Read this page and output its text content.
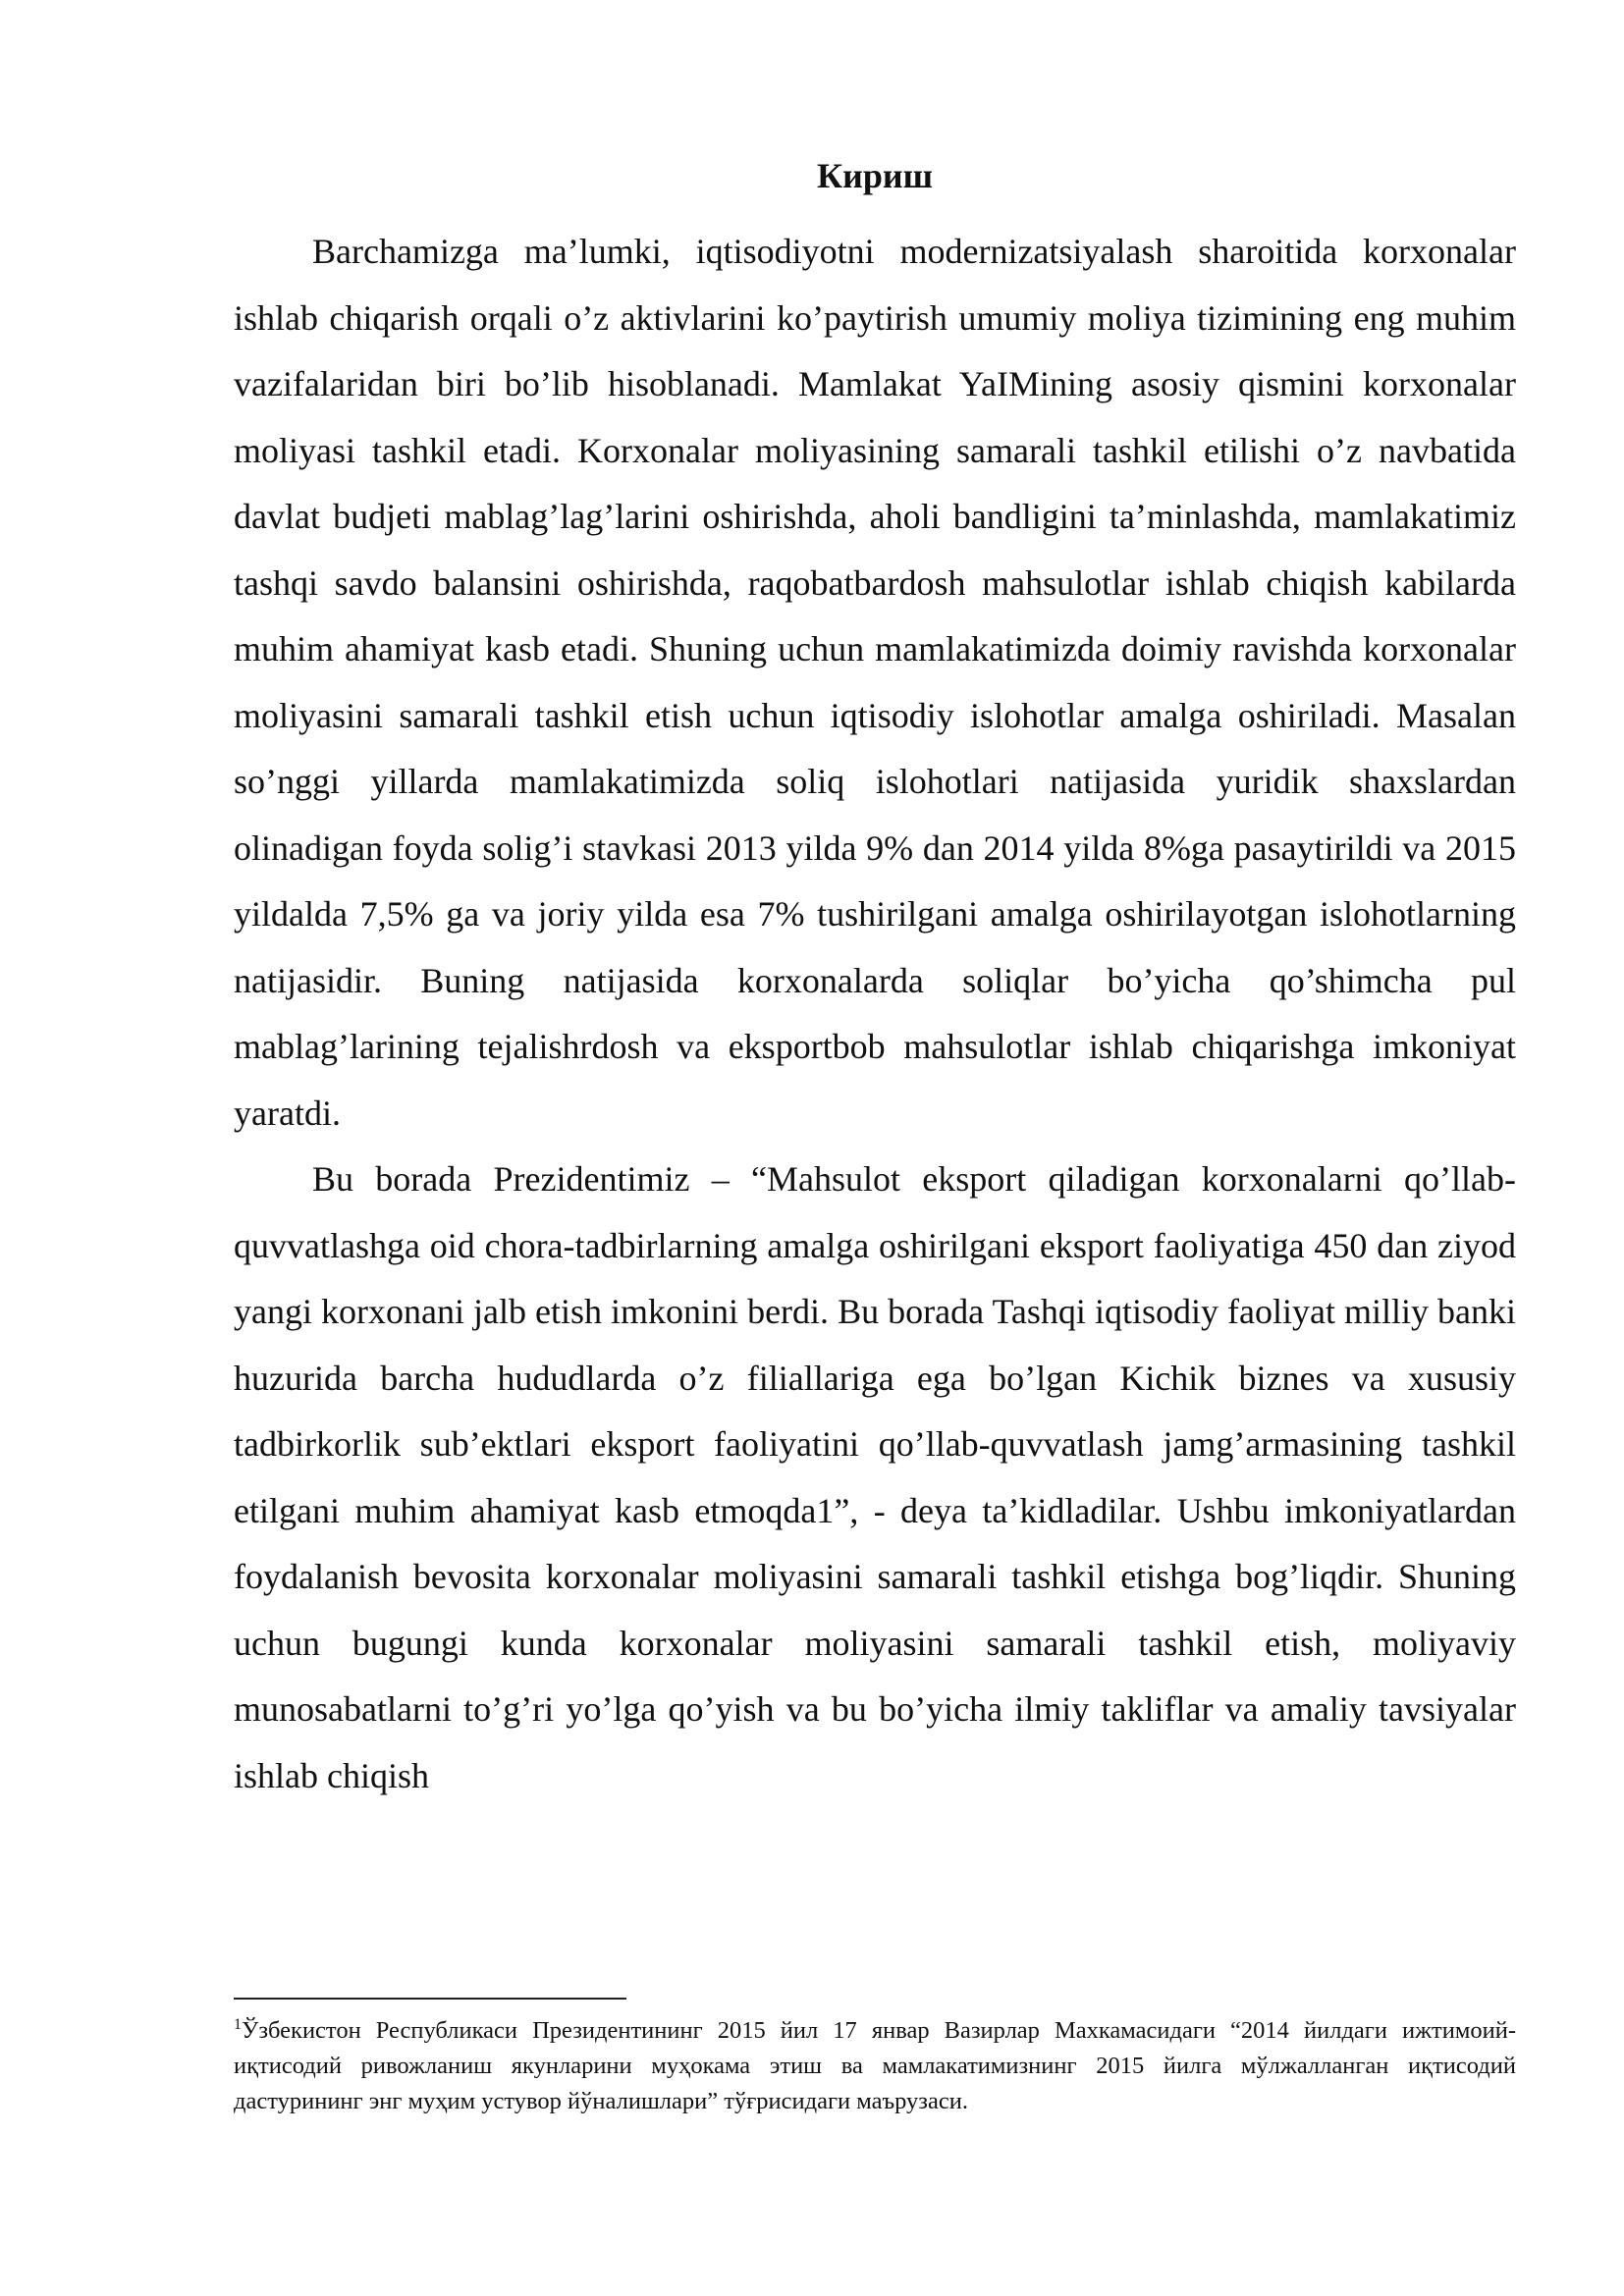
Кириш

Barchamizga ma’lumki, iqtisodiyotni modernizatsiyalash sharoitida korxonalar ishlab chiqarish orqali o’z aktivlarini ko’paytirish umumiy moliya tizimining eng muhim vazifalaridan biri bo’lib hisoblanadi. Mamlakat YaIMining asosiy qismini korxonalar moliyasi tashkil etadi. Korxonalar moliyasining samarali tashkil etilishi o’z navbatida davlat budjeti mablag’lag’larini oshirishda, aholi bandligini ta’minlashda, mamlakatimiz tashqi savdo balansini oshirishda, raqobatbardosh mahsulotlar ishlab chiqish kabilarda muhim ahamiyat kasb etadi. Shuning uchun mamlakatimizda doimiy ravishda korxonalar moliyasini samarali tashkil etish uchun iqtisodiy islohotlar amalga oshiriladi. Masalan so’nggi yillarda mamlakatimizda soliq islohotlari natijasida yuridik shaxslardan olinadigan foyda solig’i stavkasi 2013 yilda 9% dan 2014 yilda 8%ga pasaytirildi va 2015 yildalda 7,5% ga va joriy yilda esa 7% tushirilgani amalga oshirilayotgan islohotlarning natijasidir. Buning natijasida korxonalarda soliqlar bo’yicha qo’shimcha pul mablag’larining tejalishrdosh va eksportbob mahsulotlar ishlab chiqarishga imkoniyat yaratdi.

Bu borada Prezidentimiz – “Mahsulot eksport qiladigan korxonalarni qo’llab-quvvatlashga oid chora-tadbirlarning amalga oshirilgani eksport faoliyatiga 450 dan ziyod yangi korxonani jalb etish imkonini berdi. Bu borada Tashqi iqtisodiy faoliyat milliy banki huzurida barcha hududlarda o’z filiallariga ega bo’lgan Kichik biznes va xususiy tadbirkorlik sub’ektlari eksport faoliyatini qo’llab-quvvatlash jamg’armasining tashkil etilgani muhim ahamiyat kasb etmoqda1”, - deya ta’kidladilar. Ushbu imkoniyatlardan foydalanish bevosita korxonalar moliyasini samarali tashkil etishga bog’liqdir. Shuning uchun bugungi kunda korxonalar moliyasini samarali tashkil etish, moliyaviy munosabatlarni to’g’ri yo’lga qo’yish va bu bo’yicha ilmiy takliflar va amaliy tavsiyalar ishlab chiqish

$^1$Ўзбекистон Республикаси Президентининг 2015 йил 17 январ Вазирлар Махкамасидаги “2014 йилдаги ижтимоий-иқтисодий ривожланиш якунларини муҳокама этиш ва мамлакатимизнинг 2015 йилга мўлжалланган иқтисодий дастурининг энг муҳим устувор йўналишлари” тўғрисидаги маърузаси.
